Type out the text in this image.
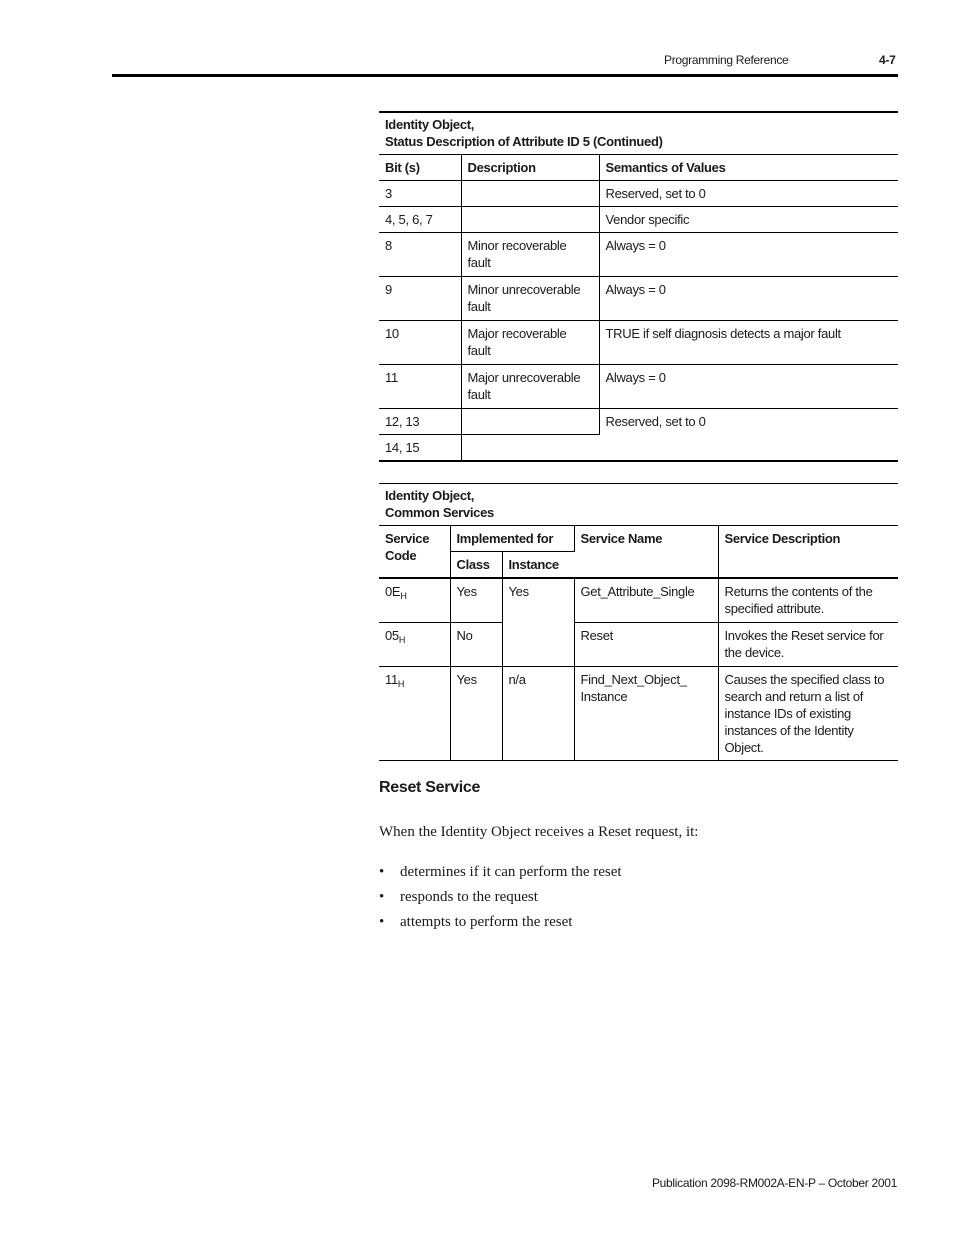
Programming Reference	4-7
Identity Object,
Status Description of Attribute ID 5 (Continued)		

Bit (s)	Description	Semantics of Values
3		Reserved, set to 0
4, 5, 6, 7		Vendor specific
8	Minor recoverable fault	Always = 0
9	Minor unrecoverable fault	Always = 0
10	Major recoverable fault	TRUE if self diagnosis detects a major fault
11	Major unrecoverable fault	Always = 0
12, 13		Reserved, set to 0
14, 15		
Identity Object,
Common Services				

Service Code	Implemented for		Service Name	Service Description
	Class	Instance		
$0E_H$	Yes	Yes	Get_Attribute_Single	Returns the contents of the specified attribute.
$05_H$	No		Reset	Invokes the Reset service for the device.
$11_H$	Yes	n/a	Find_Next_Object_ Instance	Causes the specified class to search and return a list of instance IDs of existing instances of the Identity Object.
Reset Service
When the Identity Object receives a Reset request, it:
• determines if it can perform the reset
• responds to the request
• attempts to perform the reset
Publication 2098-RM002A-EN-P – October 2001
